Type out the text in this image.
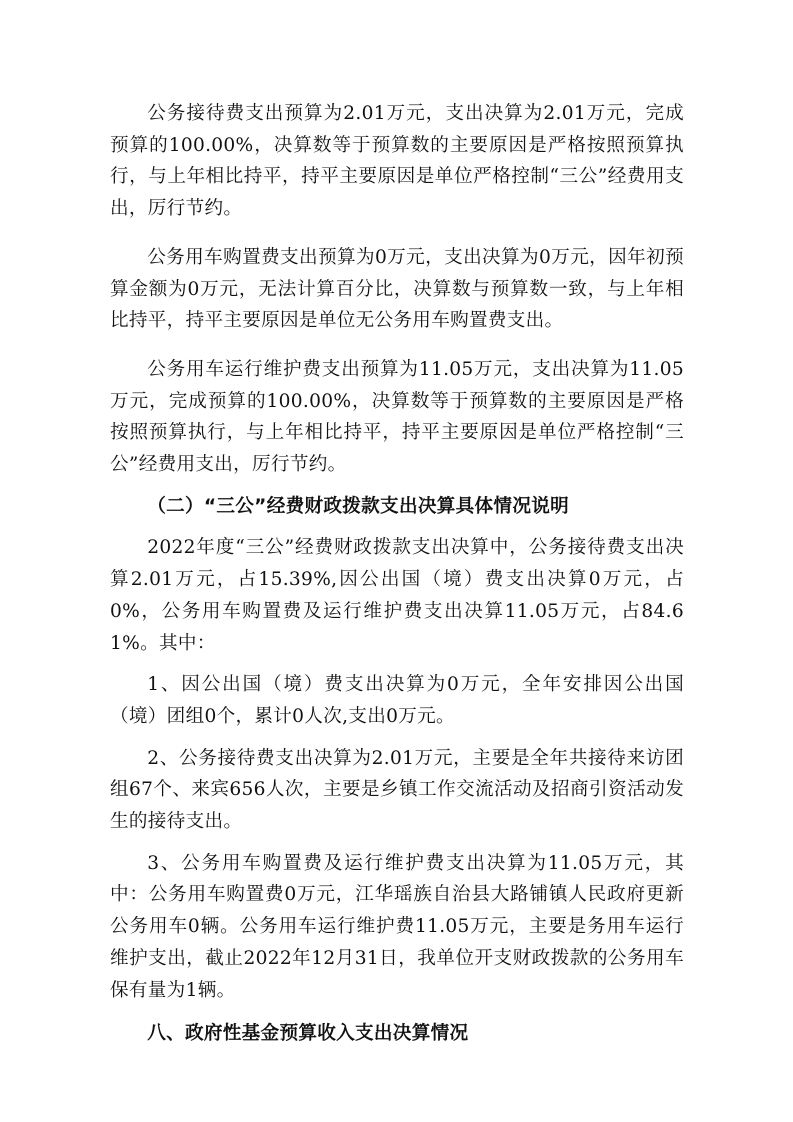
公务接待费支出预算为2.01万元，支出决算为2.01万元，完成预算的100.00%，决算数等于预算数的主要原因是严格按照预算执行，与上年相比持平，持平主要原因是单位严格控制“三公”经费用支出，厉行节约。

公务用车购置费支出预算为0万元，支出决算为0万元，因年初预算金额为0万元，无法计算百分比，决算数与预算数一致，与上年相比持平，持平主要原因是单位无公务用车购置费支出。

公务用车运行维护费支出预算为11.05万元，支出决算为11.05万元，完成预算的100.00%，决算数等于预算数的主要原因是严格按照预算执行，与上年相比持平，持平主要原因是单位严格控制“三公”经费用支出，厉行节约。

（二）“三公”经费财政拨款支出决算具体情况说明

2022年度“三公”经费财政拨款支出决算中，公务接待费支出决算2.01万元，占15.39%,因公出国（境）费支出决算0万元，占0%，公务用车购置费及运行维护费支出决算11.05万元，占84.61%。其中：

1、因公出国（境）费支出决算为0万元，全年安排因公出国（境）团组0个，累计0人次,支出0万元。

2、公务接待费支出决算为2.01万元，主要是全年共接待来访团组67个、来宾656人次，主要是乡镇工作交流活动及招商引资活动发生的接待支出。

3、公务用车购置费及运行维护费支出决算为11.05万元，其中：公务用车购置费0万元，江华瑶族自治县大路铺镇人民政府更新公务用车0辆。公务用车运行维护费11.05万元，主要是务用车运行维护支出，截止2022年12月31日，我单位开支财政拨款的公务用车保有量为1辆。

八、政府性基金预算收入支出决算情况
